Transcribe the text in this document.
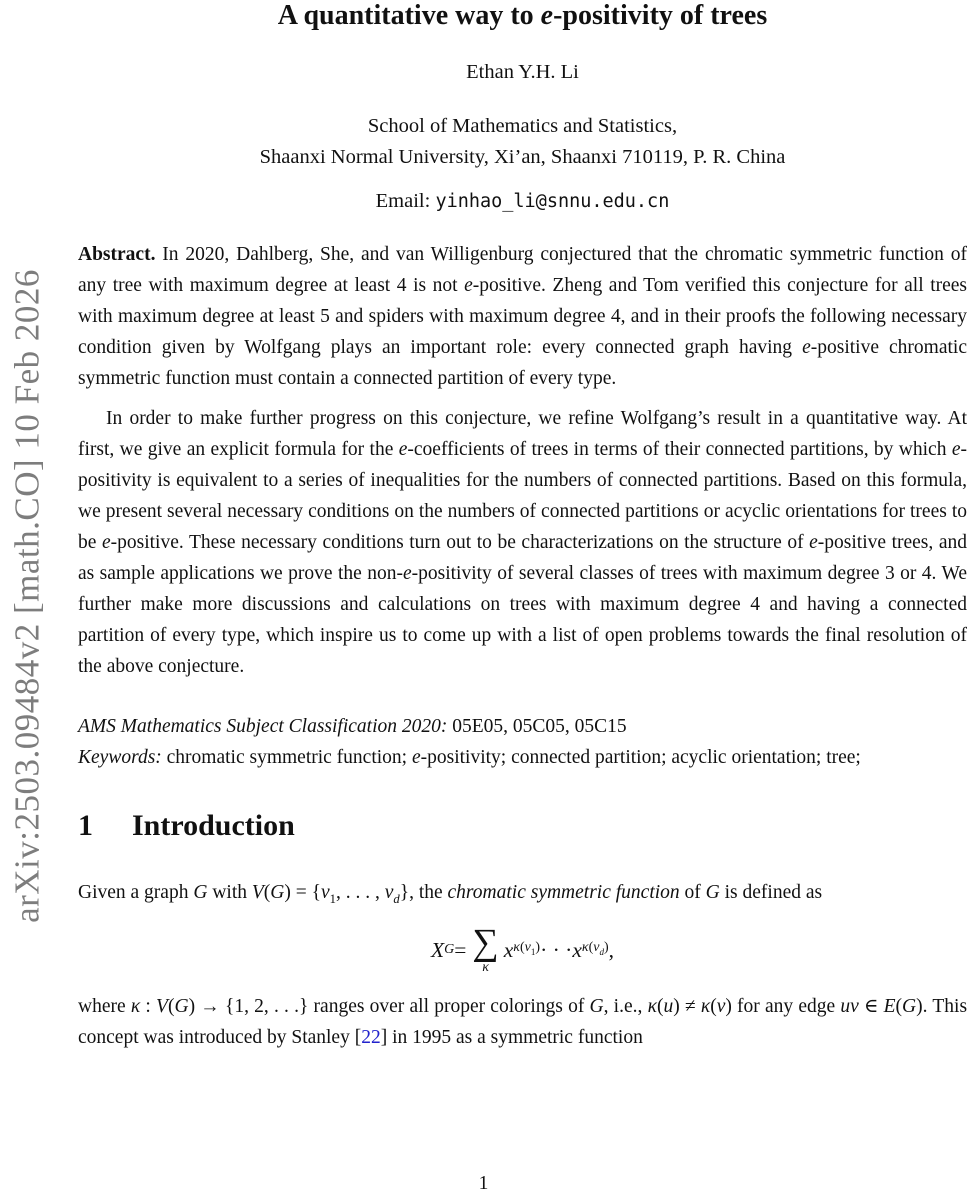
arXiv:2503.09484v2 [math.CO] 10 Feb 2026
A quantitative way to e-positivity of trees
Ethan Y.H. Li
School of Mathematics and Statistics,
Shaanxi Normal University, Xi’an, Shaanxi 710119, P. R. China
Email: yinhao_li@snnu.edu.cn

Abstract. In 2020, Dahlberg, She, and van Willigenburg conjectured that the chromatic symmetric function of any tree with maximum degree at least 4 is not e-positive. Zheng and Tom verified this conjecture for all trees with maximum degree at least 5 and spiders with maximum degree 4, and in their proofs the following necessary condition given by Wolfgang plays an important role: every connected graph having e-positive chromatic symmetric function must contain a connected partition of every type.

In order to make further progress on this conjecture, we refine Wolfgang’s result in a quantitative way. At first, we give an explicit formula for the e-coefficients of trees in terms of their connected partitions, by which e-positivity is equivalent to a series of inequalities for the numbers of connected partitions. Based on this formula, we present several necessary conditions on the numbers of connected partitions or acyclic orientations for trees to be e-positive. These necessary conditions turn out to be characterizations on the structure of e-positive trees, and as sample applications we prove the non-e-positivity of several classes of trees with maximum degree 3 or 4. We further make more discussions and calculations on trees with maximum degree 4 and having a connected partition of every type, which inspire us to come up with a list of open problems towards the final resolution of the above conjecture.

AMS Mathematics Subject Classification 2020: 05E05, 05C05, 05C15
Keywords: chromatic symmetric function; e-positivity; connected partition; acyclic orientation; tree;
1 Introduction

Given a graph G with $V(G) = \{v_1$, . . . , $v_d$}, the chromatic symmetric function of G is defined as

X G = ∑
κ
x $\kappa(v_1)$ · · · x $\kappa(v_d)$ ,

where κ : V(G) → {1, 2, . . .} ranges over all proper colorings of G, i.e., κ(u) ≠ κ(v) for any edge uv ∈ E(G). This concept was introduced by Stanley [22] in 1995 as a symmetric function

1
